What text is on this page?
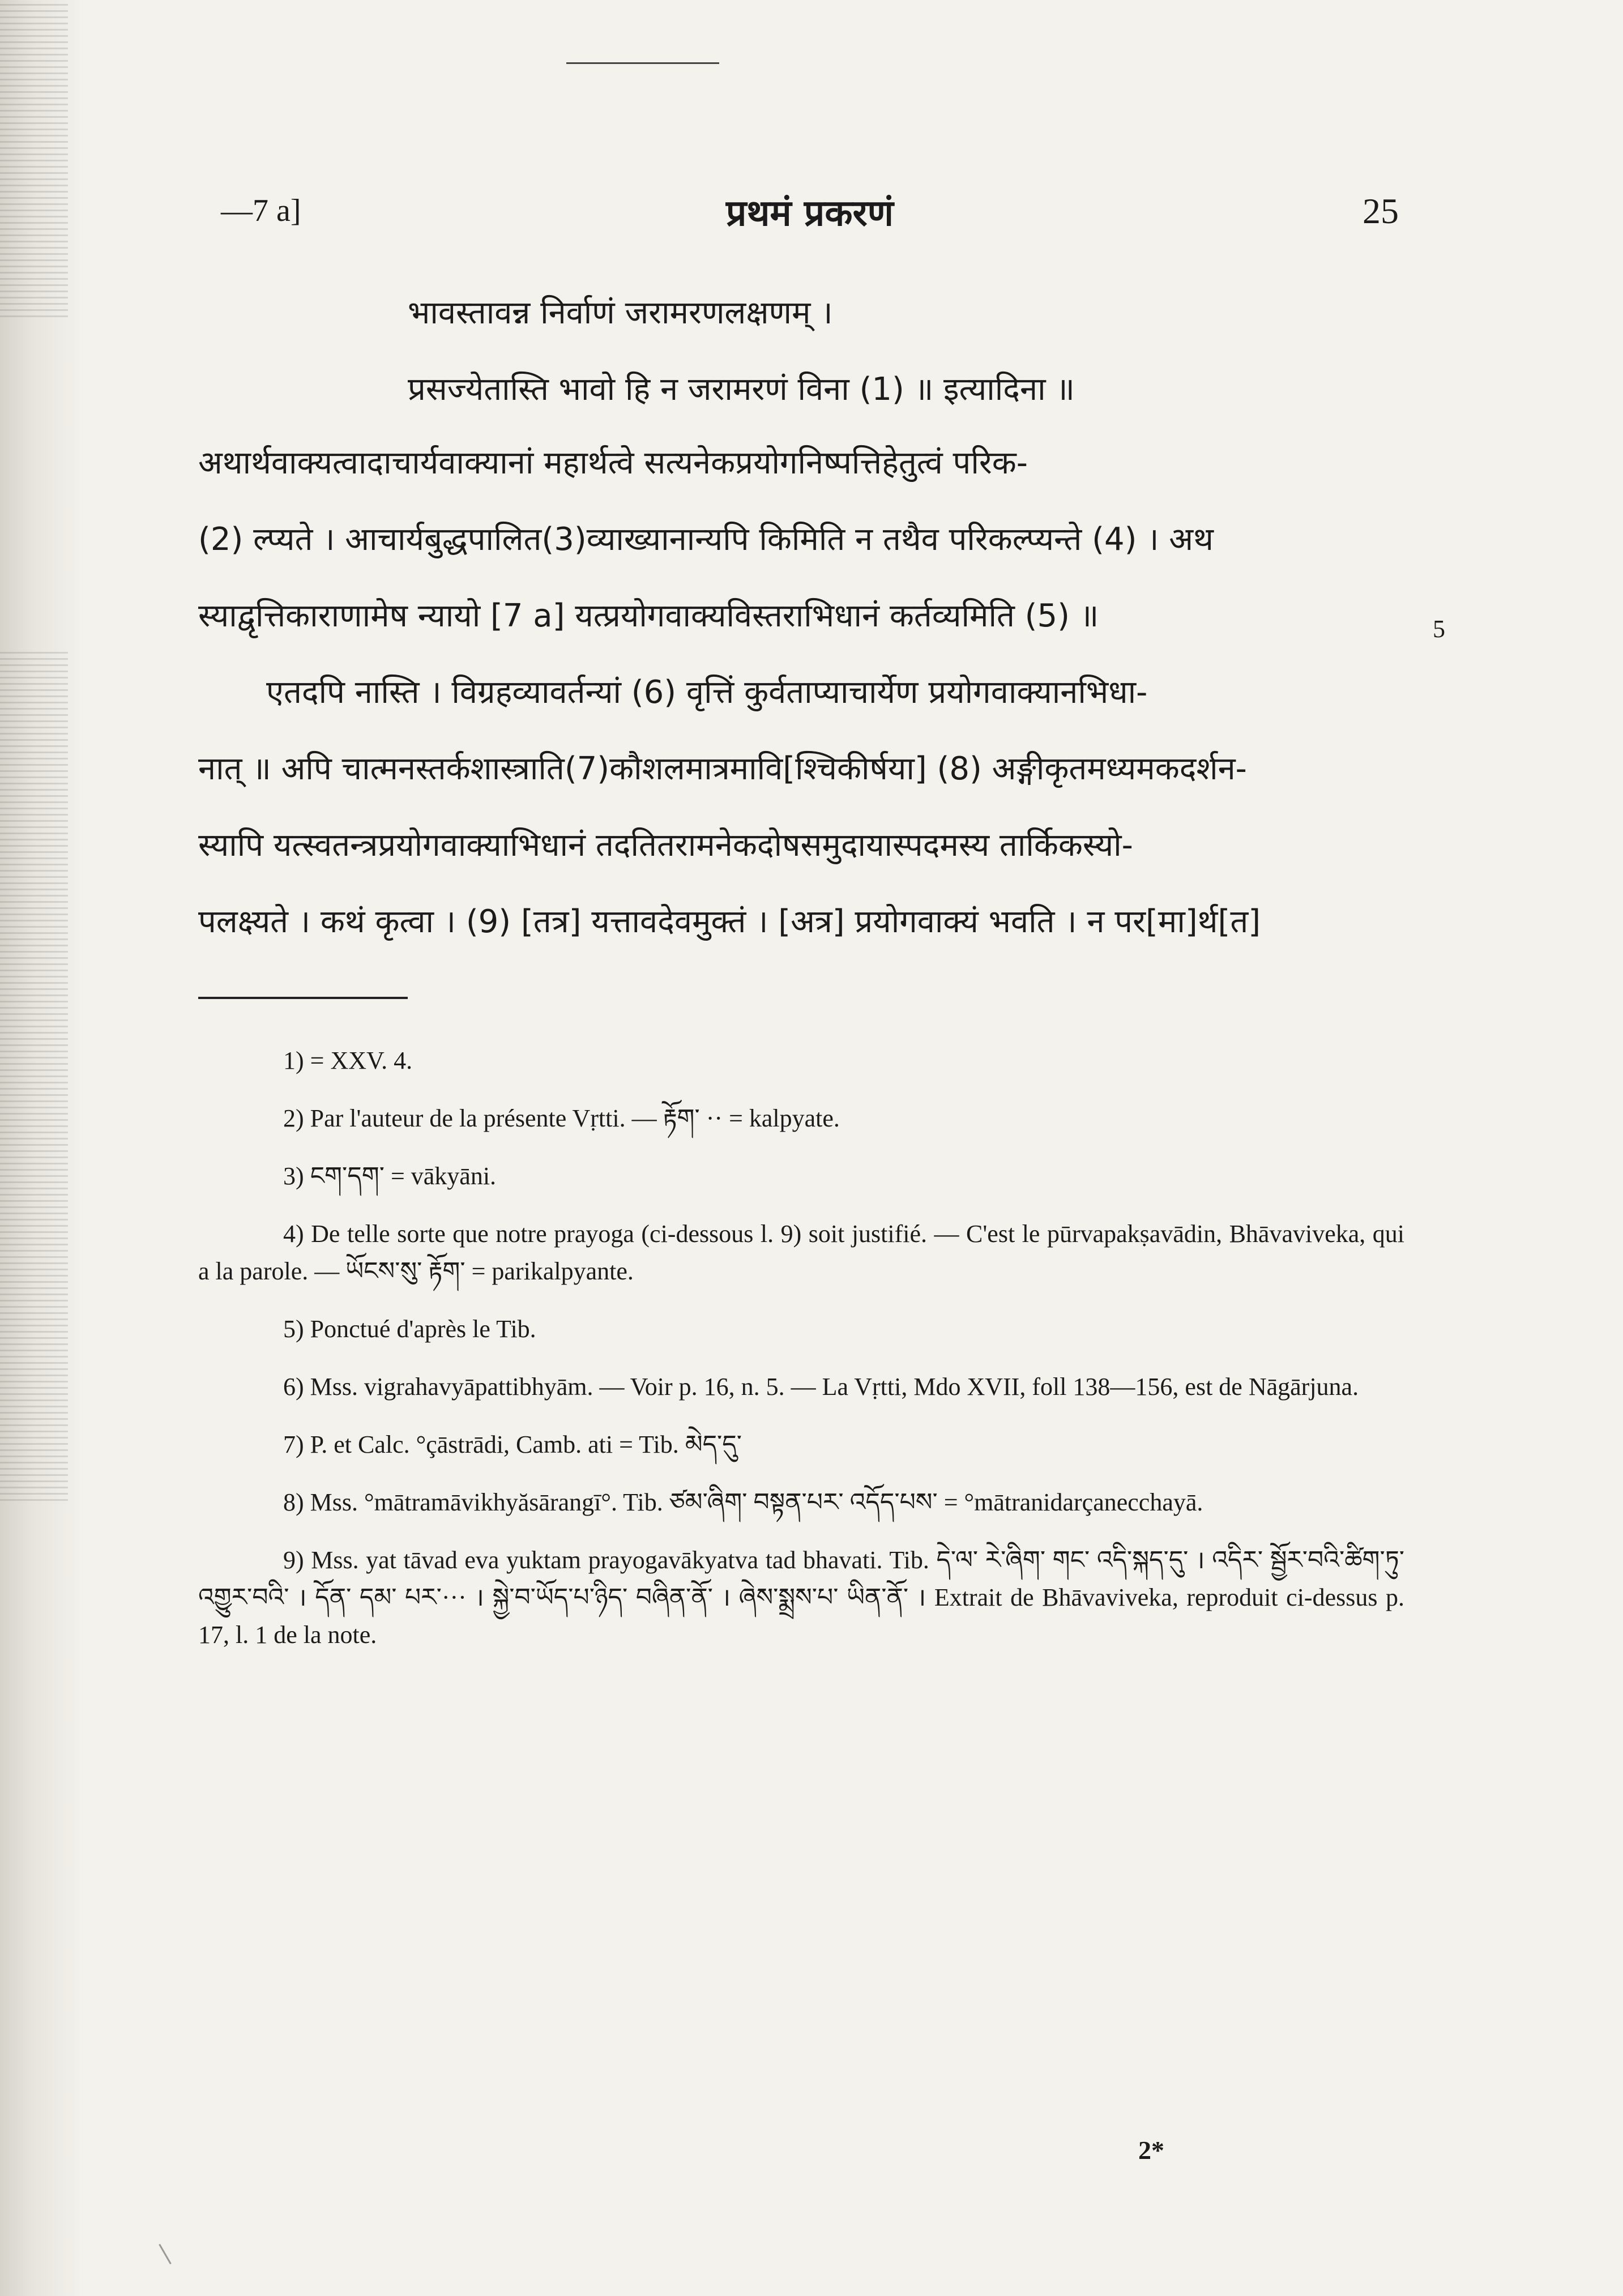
—7 a]	प्रथमं प्रकरणं	25
भावस्तावन्न निर्वाणं जरामरणलक्षणम् ।
प्रसज्येतास्ति भावो हि न जरामरणं विना (1) ॥ इत्यादिना ॥
अथार्थवाक्यत्वादाचार्यवाक्यानां महार्थत्वे सत्यनेकप्रयोगनिष्पत्तिहेतुत्वं परिक-
(2) ल्प्यते । आचार्यबुद्धपालित(3)व्याख्यानान्यपि किमिति न तथैव परिकल्प्यन्ते (4) । अथ
स्याद्वृत्तिकाराणामेष न्यायो [7 a] यत्प्रयोगवाक्यविस्तराभिधानं कर्तव्यमिति (5) ॥	5
एतदपि नास्ति । विग्रहव्यावर्तन्यां (6) वृत्तिं कुर्वताप्याचार्येण प्रयोगवाक्यानभिधा-
नात् ॥ अपि चात्मनस्तर्कशास्त्राति(7)कौशलमात्रमावि[श्चिकीर्षया] (8) अङ्गीकृतमध्यमकदर्शन-
स्यापि यत्स्वतन्त्रप्रयोगवाक्याभिधानं तदतितरामनेकदोषसमुदायास्पदमस्य तार्किकस्यो-
पलक्ष्यते । कथं कृत्वा । (9) [तत्र] यत्तावदेवमुक्तं । [अत्र] प्रयोगवाक्यं भवति । न पर[मा]र्थ[त]

1) = XXV. 4.

2) Par l'auteur de la présente Vṛtti. — རྟོག་ ·· = kalpyate.

3) ངག་དག་ = vākyāni.

4) De telle sorte que notre prayoga (ci-dessous l. 9) soit justifié. — C'est le pūrvapakṣavādin, Bhāvaviveka, qui a la parole. — ཡོངས་སུ་ རྟོག་ = parikalpyante.

5) Ponctué d'après le Tib.

6) Mss. vigrahavyāpattibhyām. — Voir p. 16, n. 5. — La Vṛtti, Mdo XVII, foll 138—156, est de Nāgārjuna.

7) P. et Calc. °çāstrādi, Camb. ati = Tib. མེད་དུ་

8) Mss. °mātramāvikhyăsārangī°. Tib. ཙམ་ཞིག་ བསྟན་པར་ འདོད་པས་ = °mātranidarçanecchayā.

9) Mss. yat tāvad eva yuktam prayogavākyatva tad bhavati. Tib. དེ་ལ་ རེ་ཞིག་ གང་ འདི་སྐད་དུ་ । འདིར་ སྦྱོར་བའི་ཚིག་ཏུ་ འགྱུར་བའི་ । དོན་ དམ་ པར་··· । སྐྱེ་བ་ཡོད་པ་ཉིད་ བཞིན་ནོ་ । ཞེས་སྨྲས་པ་ ཡིན་ནོ་ । Extrait de Bhāvaviveka, reproduit ci-dessus p. 17, l. 1 de la note.

2*
